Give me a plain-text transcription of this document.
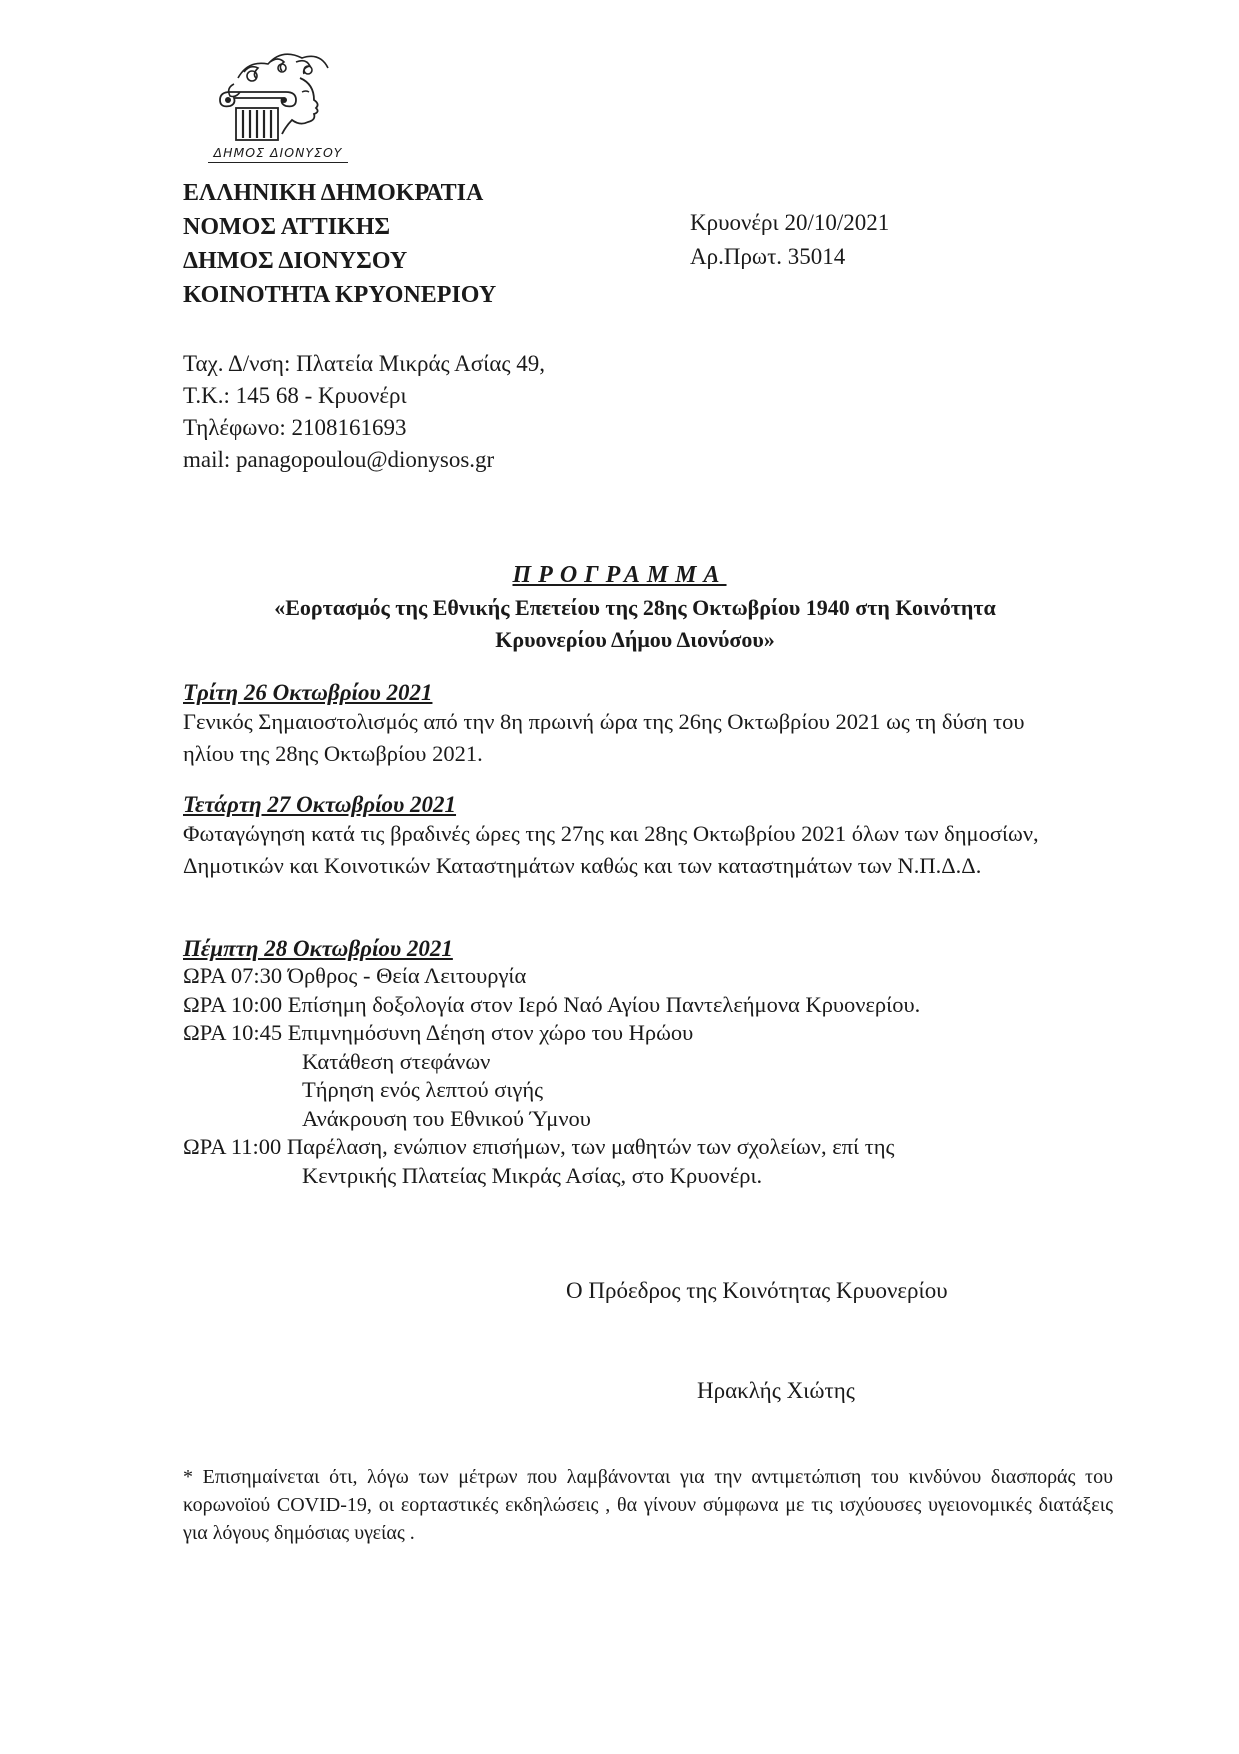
ΔΗΜΟΣ ΔΙΟΝΥΣΟΥ
ΕΛΛΗΝΙΚΗ ΔΗΜΟΚΡΑΤΙΑ
ΝΟΜΟΣ ΑΤΤΙΚΗΣ
ΔΗΜΟΣ ΔΙΟΝΥΣΟΥ
ΚΟΙΝΟΤΗΤΑ ΚΡΥΟΝΕΡΙΟΥ
Κρυονέρι 20/10/2021
Αρ.Πρωτ. 35014
Ταχ. Δ/νση: Πλατεία Μικράς Ασίας 49,
Τ.Κ.: 145 68 - Κρυονέρι
Τηλέφωνο: 2108161693
mail: panagopoulou@dionysos.gr
ΠΡΟΓΡΑΜΜΑ
«Εορτασμός της Εθνικής Επετείου της 28ης Οκτωβρίου 1940 στη Κοινότητα
Κρυονερίου Δήμου Διονύσου»
Τρίτη 26 Οκτωβρίου 2021
Γενικός Σημαιοστολισμός από την 8η πρωινή ώρα της 26ης Οκτωβρίου 2021 ως τη δύση του ηλίου της 28ης Οκτωβρίου 2021.
Τετάρτη 27 Οκτωβρίου 2021
Φωταγώγηση κατά τις βραδινές ώρες της 27ης και 28ης Οκτωβρίου 2021 όλων των δημοσίων, Δημοτικών και Κοινοτικών Καταστημάτων καθώς και των καταστημάτων των Ν.Π.Δ.Δ.
Πέμπτη 28 Οκτωβρίου 2021
ΩΡΑ 07:30 Όρθρος - Θεία Λειτουργία
ΩΡΑ 10:00 Επίσημη δοξολογία στον Ιερό Ναό Αγίου Παντελεήμονα Κρυονερίου.
ΩΡΑ 10:45 Επιμνημόσυνη Δέηση στον χώρο του Ηρώου
Κατάθεση στεφάνων
Τήρηση ενός λεπτού σιγής
Ανάκρουση του Εθνικού Ύμνου
ΩΡΑ 11:00 Παρέλαση, ενώπιον επισήμων, των μαθητών των σχολείων, επί της
Κεντρικής Πλατείας Μικράς Ασίας, στο Κρυονέρι.
Ο Πρόεδρος της Κοινότητας Κρυονερίου
Ηρακλής Χιώτης
* Επισημαίνεται ότι, λόγω των μέτρων που λαμβάνονται για την αντιμετώπιση του κινδύνου διασποράς του κορωνοϊού COVID-19, οι εορταστικές εκδηλώσεις , θα γίνουν σύμφωνα με τις ισχύουσες υγειονομικές διατάξεις για λόγους δημόσιας υγείας .
